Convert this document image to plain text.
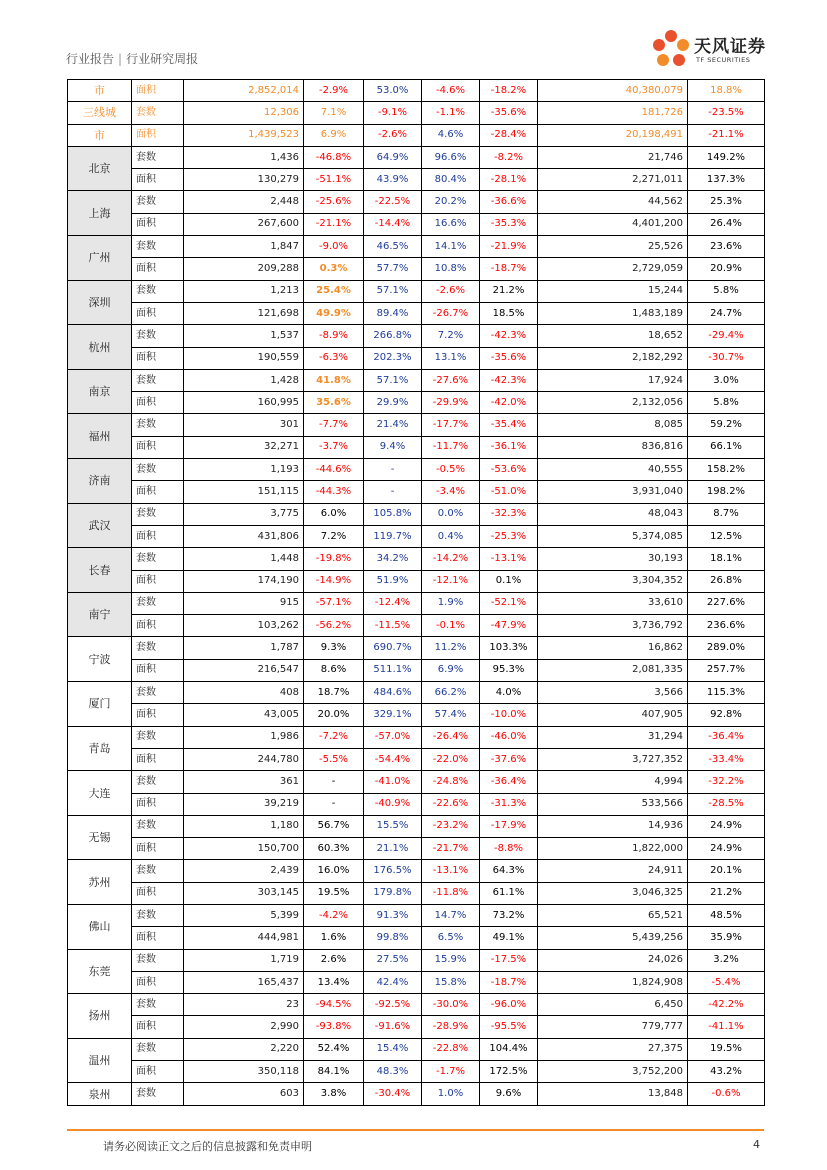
行业报告 | 行业研究周报
天风证券
TF SECURITIES
市	面积	2,852,014	-2.9%	53.0%	-4.6%	-18.2%	40,380,079	18.8%
三线城	套数	12,306	7.1%	-9.1%	-1.1%	-35.6%	181,726	-23.5%
市	面积	1,439,523	6.9%	-2.6%	4.6%	-28.4%	20,198,491	-21.1%
北京	套数	1,436	-46.8%	64.9%	96.6%	-8.2%	21,746	149.2%
	面积	130,279	-51.1%	43.9%	80.4%	-28.1%	2,271,011	137.3%
上海	套数	2,448	-25.6%	-22.5%	20.2%	-36.6%	44,562	25.3%
	面积	267,600	-21.1%	-14.4%	16.6%	-35.3%	4,401,200	26.4%
广州	套数	1,847	-9.0%	46.5%	14.1%	-21.9%	25,526	23.6%
	面积	209,288	0.3%	57.7%	10.8%	-18.7%	2,729,059	20.9%
深圳	套数	1,213	25.4%	57.1%	-2.6%	21.2%	15,244	5.8%
	面积	121,698	49.9%	89.4%	-26.7%	18.5%	1,483,189	24.7%
杭州	套数	1,537	-8.9%	266.8%	7.2%	-42.3%	18,652	-29.4%
	面积	190,559	-6.3%	202.3%	13.1%	-35.6%	2,182,292	-30.7%
南京	套数	1,428	41.8%	57.1%	-27.6%	-42.3%	17,924	3.0%
	面积	160,995	35.6%	29.9%	-29.9%	-42.0%	2,132,056	5.8%
福州	套数	301	-7.7%	21.4%	-17.7%	-35.4%	8,085	59.2%
	面积	32,271	-3.7%	9.4%	-11.7%	-36.1%	836,816	66.1%
济南	套数	1,193	-44.6%	-	-0.5%	-53.6%	40,555	158.2%
	面积	151,115	-44.3%	-	-3.4%	-51.0%	3,931,040	198.2%
武汉	套数	3,775	6.0%	105.8%	0.0%	-32.3%	48,043	8.7%
	面积	431,806	7.2%	119.7%	0.4%	-25.3%	5,374,085	12.5%
长春	套数	1,448	-19.8%	34.2%	-14.2%	-13.1%	30,193	18.1%
	面积	174,190	-14.9%	51.9%	-12.1%	0.1%	3,304,352	26.8%
南宁	套数	915	-57.1%	-12.4%	1.9%	-52.1%	33,610	227.6%
	面积	103,262	-56.2%	-11.5%	-0.1%	-47.9%	3,736,792	236.6%
宁波	套数	1,787	9.3%	690.7%	11.2%	103.3%	16,862	289.0%
	面积	216,547	8.6%	511.1%	6.9%	95.3%	2,081,335	257.7%
厦门	套数	408	18.7%	484.6%	66.2%	4.0%	3,566	115.3%
	面积	43,005	20.0%	329.1%	57.4%	-10.0%	407,905	92.8%
青岛	套数	1,986	-7.2%	-57.0%	-26.4%	-46.0%	31,294	-36.4%
	面积	244,780	-5.5%	-54.4%	-22.0%	-37.6%	3,727,352	-33.4%
大连	套数	361	-	-41.0%	-24.8%	-36.4%	4,994	-32.2%
	面积	39,219	-	-40.9%	-22.6%	-31.3%	533,566	-28.5%
无锡	套数	1,180	56.7%	15.5%	-23.2%	-17.9%	14,936	24.9%
	面积	150,700	60.3%	21.1%	-21.7%	-8.8%	1,822,000	24.9%
苏州	套数	2,439	16.0%	176.5%	-13.1%	64.3%	24,911	20.1%
	面积	303,145	19.5%	179.8%	-11.8%	61.1%	3,046,325	21.2%
佛山	套数	5,399	-4.2%	91.3%	14.7%	73.2%	65,521	48.5%
	面积	444,981	1.6%	99.8%	6.5%	49.1%	5,439,256	35.9%
东莞	套数	1,719	2.6%	27.5%	15.9%	-17.5%	24,026	3.2%
	面积	165,437	13.4%	42.4%	15.8%	-18.7%	1,824,908	-5.4%
扬州	套数	23	-94.5%	-92.5%	-30.0%	-96.0%	6,450	-42.2%
	面积	2,990	-93.8%	-91.6%	-28.9%	-95.5%	779,777	-41.1%
温州	套数	2,220	52.4%	15.4%	-22.8%	104.4%	27,375	19.5%
	面积	350,118	84.1%	48.3%	-1.7%	172.5%	3,752,200	43.2%
泉州	套数	603	3.8%	-30.4%	1.0%	9.6%	13,848	-0.6%
请务必阅读正文之后的信息披露和免责申明	4
